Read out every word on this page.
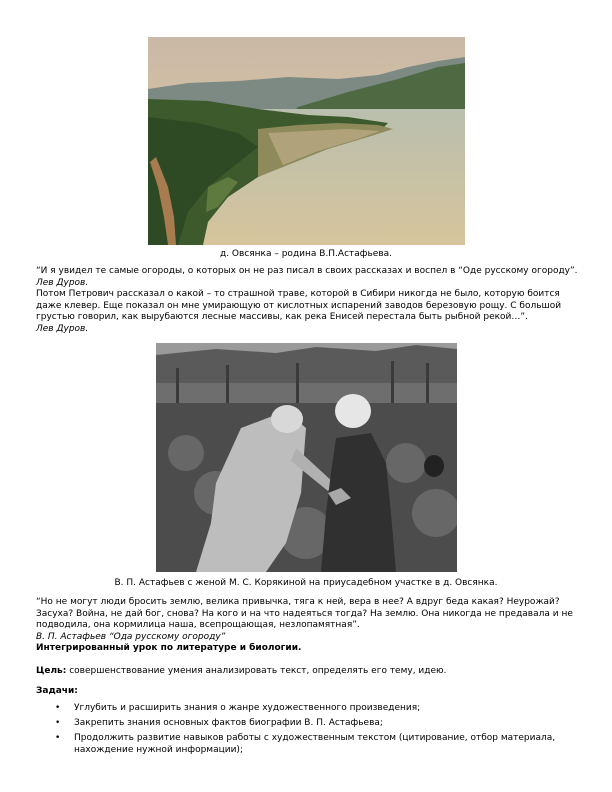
д. Овсянка – родина В.П.Астафьева.

“И я увидел те самые огороды, о которых он не раз писал в своих рассказах и воспел в “Оде русскому огороду”.

Лев Дуров.

Потом Петрович рассказал о какой – то страшной траве, которой в Сибири никогда не было, которую боится даже клевер. Еще показал он мне умирающую от кислотных испарений заводов березовую рощу. С большой грустью говорил, как вырубаются лесные массивы, как река Енисей перестала быть рыбной рекой…”.

Лев Дуров.

В. П. Астафьев с женой М. С. Корякиной на приусадебном участке в д. Овсянка.

“Но не могут люди бросить землю, велика привычка, тяга к ней, вера в нее? А вдруг беда какая? Неурожай? Засуха? Война, не дай бог, снова? На кого и на что надеяться тогда? На землю. Она никогда не предавала и не подводила, она кормилица наша, всепрощающая, незлопамятная”.

В. П. Астафьев “Ода русскому огороду”

Интегрированный урок по литературе и биологии.

Цель: совершенствование умения анализировать текст, определять его тему, идею.

Задачи:

• Углубить и расширить знания о жанре художественного произведения;
• Закрепить знания основных фактов биографии В. П. Астафьева;
• Продолжить развитие навыков работы с художественным текстом (цитирование, отбор материала, нахождение нужной информации);
